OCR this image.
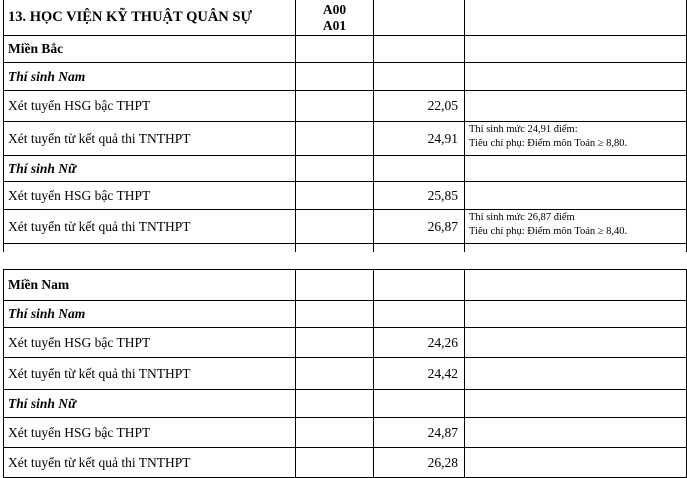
13. HỌC VIỆN KỸ THUẬT QUÂN SỰ	A00
A01		

Miền Bắc			
Thí sinh Nam			
Xét tuyển HSG bậc THPT		22,05	
Xét tuyển từ kết quả thi TNTHPT		24,91	Thí sinh mức 24,91 điểm:
Tiêu chí phụ: Điểm môn Toán ≥ 8,80.

Thí sinh Nữ			
Xét tuyển HSG bậc THPT		25,85	
Xét tuyển từ kết quả thi TNTHPT		26,87	Thí sinh mức 26,87 điểm
Tiêu chí phụ: Điểm môn Toán ≥ 8,40.

Miền Nam			
Thí sinh Nam			
Xét tuyển HSG bậc THPT		24,26	
Xét tuyển từ kết quả thi TNTHPT		24,42	
Thí sinh Nữ			
Xét tuyển HSG bậc THPT		24,87	
Xét tuyển từ kết quả thi TNTHPT		26,28	
